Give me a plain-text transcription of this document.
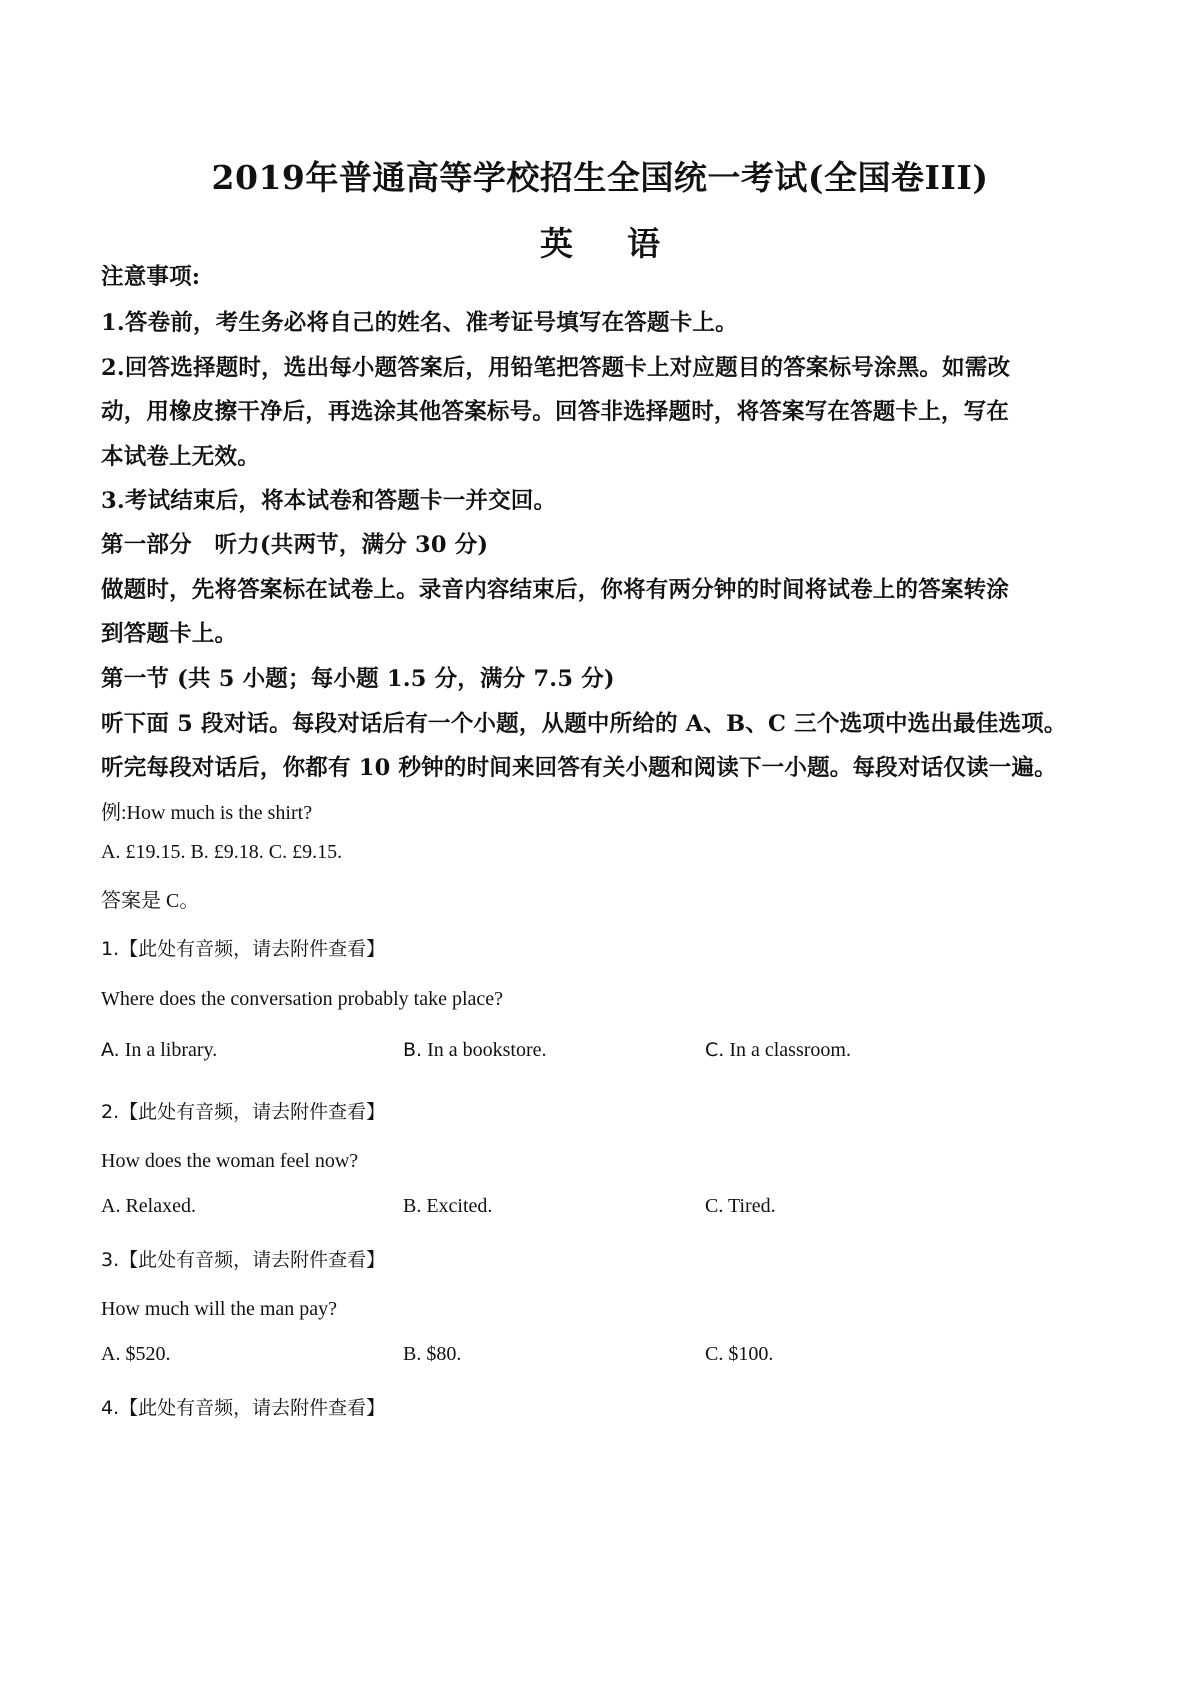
2019年普通高等学校招生全国统一考试(全国卷III)
英语
注意事项:
1.答卷前，考生务必将自己的姓名、准考证号填写在答题卡上。
2.回答选择题时，选出每小题答案后，用铅笔把答题卡上对应题目的答案标号涂黑。如需改
动，用橡皮擦干净后，再选涂其他答案标号。回答非选择题时，将答案写在答题卡上，写在
本试卷上无效。
3.考试结束后，将本试卷和答题卡一并交回。
第一部分　听力(共两节，满分 30 分)
做题时，先将答案标在试卷上。录音内容结束后，你将有两分钟的时间将试卷上的答案转涂
到答题卡上。
第一节 (共 5 小题；每小题 1.5 分，满分 7.5 分)
听下面 5 段对话。每段对话后有一个小题，从题中所给的 A、B、C 三个选项中选出最佳选项。
听完每段对话后，你都有 10 秒钟的时间来回答有关小题和阅读下一小题。每段对话仅读一遍。
例:How much is the shirt?
A. £19.15. B. £9.18. C. £9.15.
答案是 C。
1.【此处有音频，请去附件查看】
Where does the conversation probably take place?
A. In a library.	B. In a bookstore.	C. In a classroom.
2.【此处有音频，请去附件查看】
How does the woman feel now?
A. Relaxed.	B. Excited.	C. Tired.
3.【此处有音频，请去附件查看】
How much will the man pay?
A. $520.	B. $80.	C. $100.
4.【此处有音频，请去附件查看】
